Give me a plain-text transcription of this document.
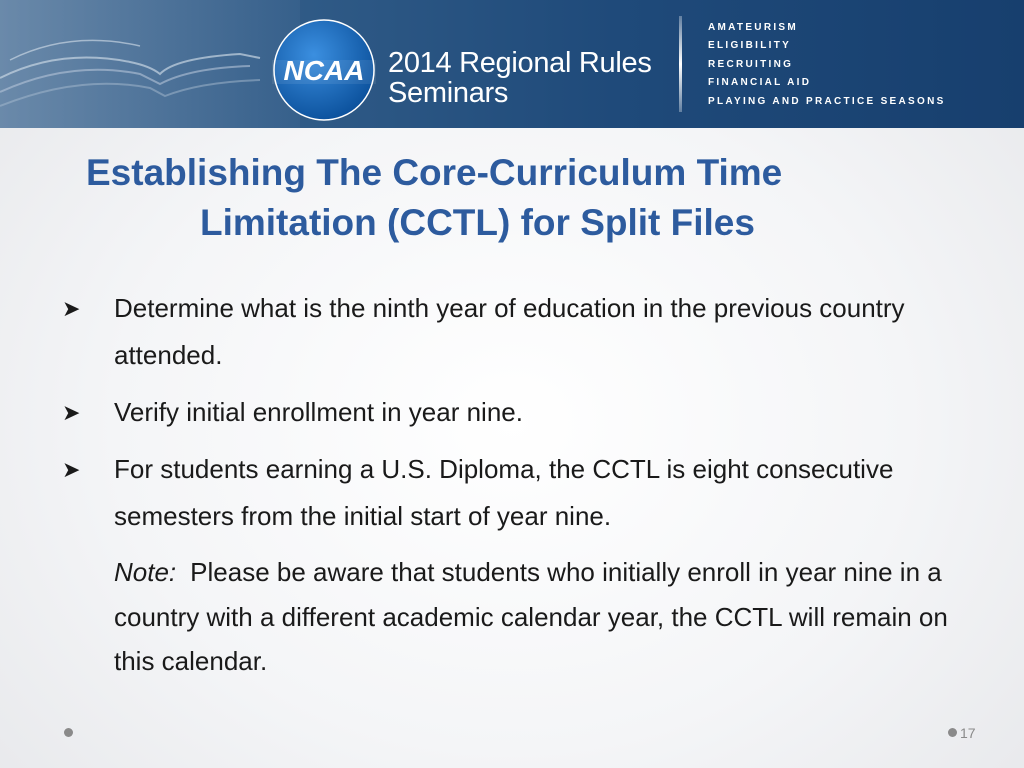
NCAA 2014 Regional Rules
Seminars
AMATEURISM
ELIGIBILITY
RECRUITING
FINANCIAL AID
PLAYING AND PRACTICE SEASONS
Establishing The Core-Curriculum Time
Limitation (CCTL) for Split Files
➤ Determine what is the ninth year of education in the previous country attended.
➤ Verify initial enrollment in year nine.
➤ For students earning a U.S. Diploma, the CCTL is eight consecutive semesters from the initial start of year nine.
Note: Please be aware that students who initially enroll in year nine in a country with a different academic calendar year, the CCTL will remain on this calendar.
17
